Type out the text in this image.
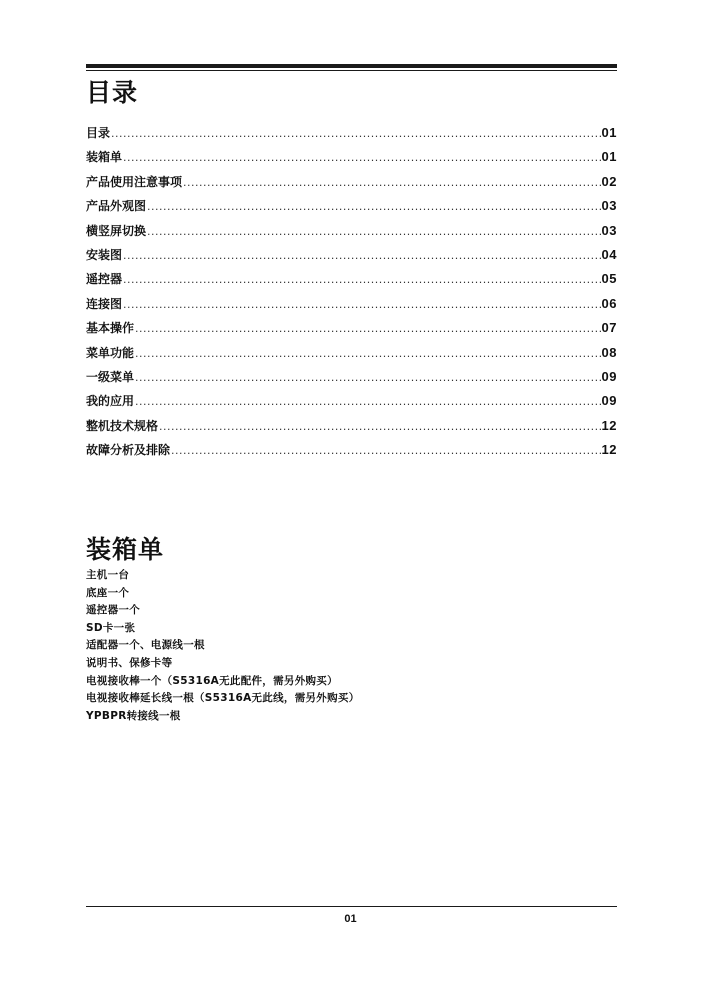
目录
目录 .....	01
装箱单 .....	01
产品使用注意事项 .....	02
产品外观图 .....	03
横竖屏切换 .....	03
安装图 .....	04
遥控器 .....	05
连接图 .....	06
基本操作 .....	07
菜单功能 .....	08
一级菜单 .....	09
我的应用 .....	09
整机技术规格 .....	12
故障分析及排除 .....	12
装箱单
主机一台
底座一个
遥控器一个
SD卡一张
适配器一个、电源线一根
说明书、保修卡等
电视接收棒一个（S5316A无此配件，需另外购买）
电视接收棒延长线一根（S5316A无此线，需另外购买）
YPBPR转接线一根
01
